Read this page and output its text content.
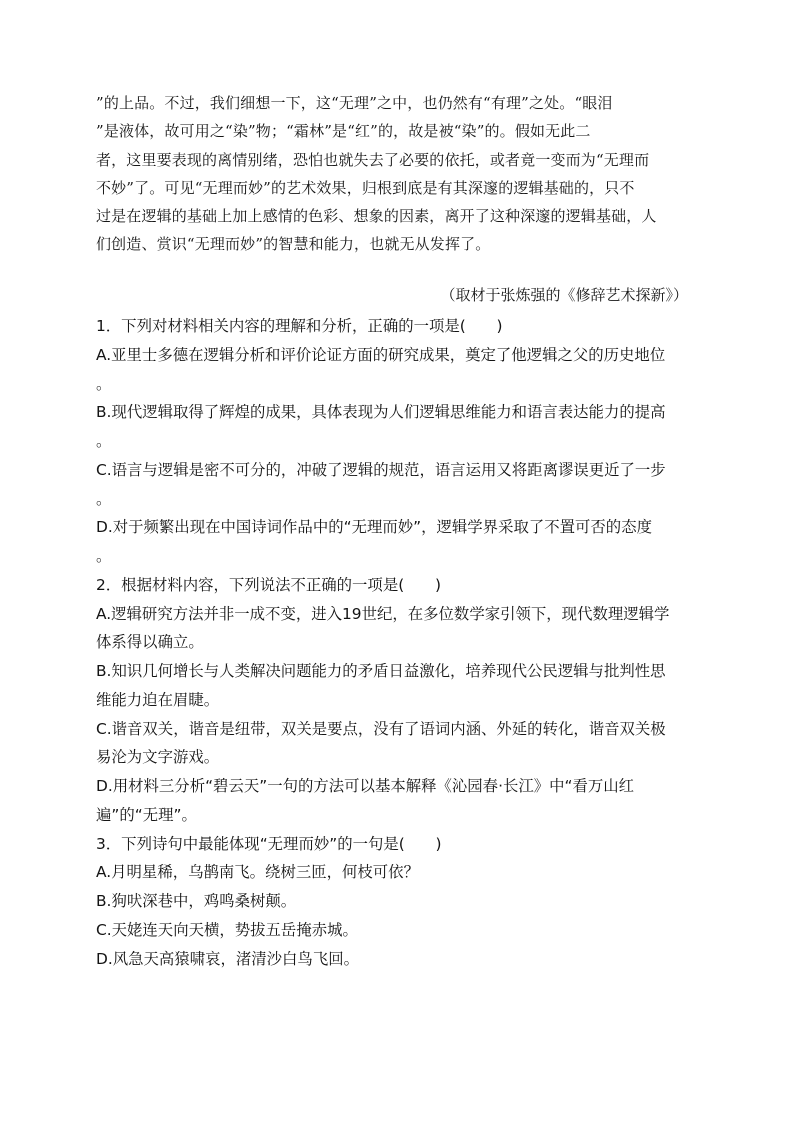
”的上品。不过，我们细想一下，这“无理”之中，也仍然有“有理”之处。“眼泪
”是液体，故可用之“染”物；“霜林”是“红”的，故是被“染”的。假如无此二
者，这里要表现的离情别绪，恐怕也就失去了必要的依托，或者竟一变而为“无理而
不妙”了。可见“无理而妙”的艺术效果，归根到底是有其深邃的逻辑基础的，只不
过是在逻辑的基础上加上感情的色彩、想象的因素，离开了这种深邃的逻辑基础，人
们创造、赏识“无理而妙”的智慧和能力，也就无从发挥了。
（取材于张炼强的《修辞艺术探新》）
1．下列对材料相关内容的理解和分析，正确的一项是(　　)
A.亚里士多德在逻辑分析和评价论证方面的研究成果，奠定了他逻辑之父的历史地位
。
B.现代逻辑取得了辉煌的成果，具体表现为人们逻辑思维能力和语言表达能力的提高
。
C.语言与逻辑是密不可分的，冲破了逻辑的规范，语言运用又将距离谬误更近了一步
。
D.对于频繁出现在中国诗词作品中的“无理而妙”，逻辑学界采取了不置可否的态度
。
2．根据材料内容，下列说法不正确的一项是(　　)
A.逻辑研究方法并非一成不变，进入19世纪，在多位数学家引领下，现代数理逻辑学
体系得以确立。
B.知识几何增长与人类解决问题能力的矛盾日益激化，培养现代公民逻辑与批判性思
维能力迫在眉睫。
C.谐音双关，谐音是纽带，双关是要点，没有了语词内涵、外延的转化，谐音双关极
易沦为文字游戏。
D.用材料三分析“碧云天”一句的方法可以基本解释《沁园春·长江》中“看万山红
遍”的“无理”。
3．下列诗句中最能体现“无理而妙”的一句是(　　)
A.月明星稀，乌鹊南飞。绕树三匝，何枝可依？
B.狗吠深巷中，鸡鸣桑树颠。
C.天姥连天向天横，势拔五岳掩赤城。
D.风急天高猿啸哀，渚清沙白鸟飞回。
